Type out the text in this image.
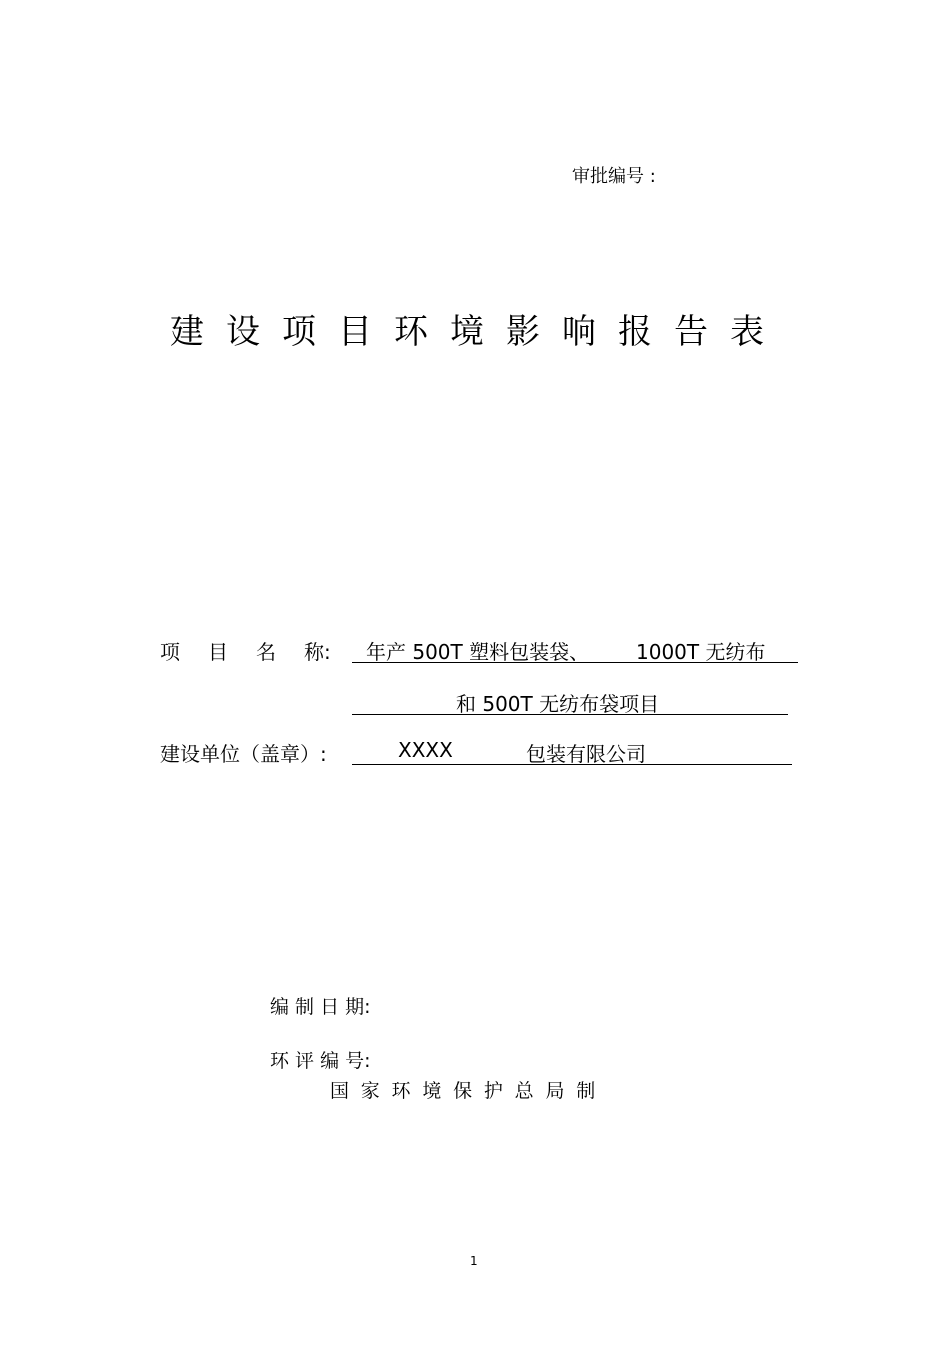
审批编号 :
建 设 项 目 环 境 影 响 报 告 表
项 目 名 称:	年产 500T 塑料包装袋、 1000T 无纺布
和 500T 无纺布袋项目
建设单位（盖章）:	XXXX	包装有限公司
编 制 日 期:
环 评 编 号:
国家环境保护总局制
1
